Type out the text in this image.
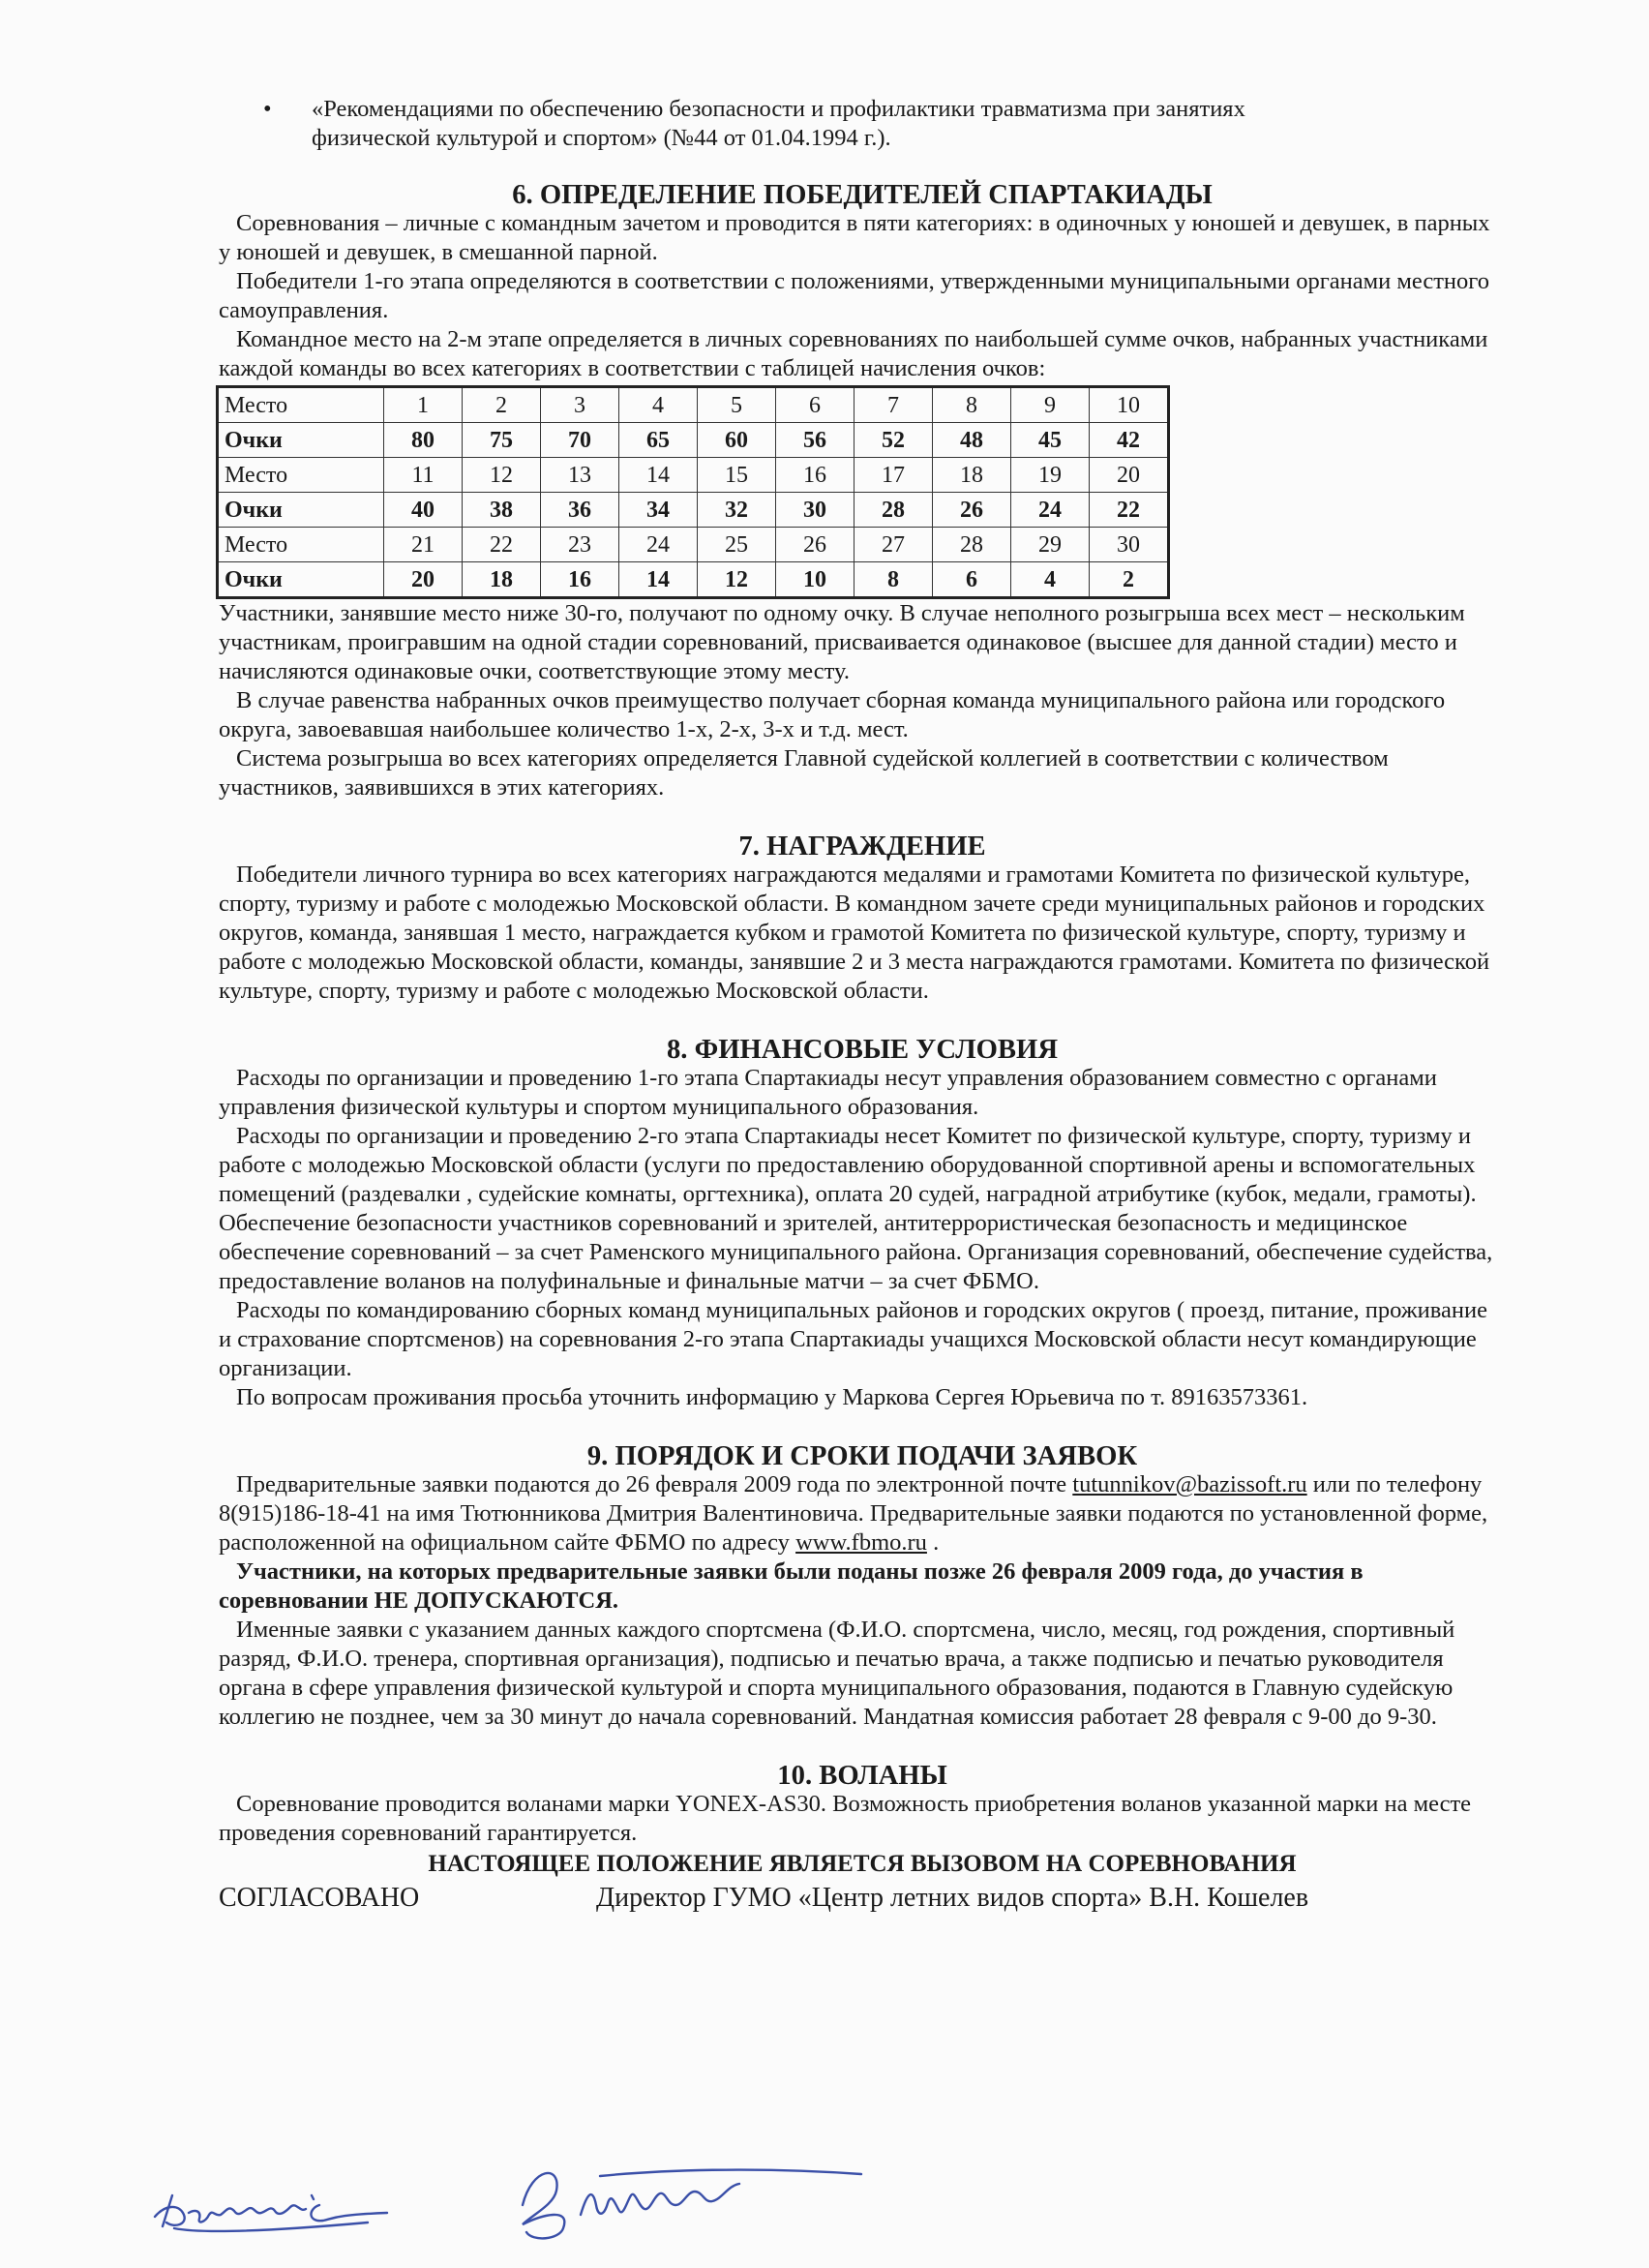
• «Рекомендациями по обеспечению безопасности и профилактики травматизма при занятиях
физической культурой и спортом» (№44 от 01.04.1994 г.).
6. ОПРЕДЕЛЕНИЕ ПОБЕДИТЕЛЕЙ СПАРТАКИАДЫ

Соревнования – личные с командным зачетом и проводится в пяти категориях: в одиночных у юношей и девушек, в парных у юношей и девушек, в смешанной парной.

Победители 1-го этапа определяются в соответствии с положениями, утвержденными муниципальными органами местного самоуправления.

Командное место на 2-м этапе определяется в личных соревнованиях по наибольшей сумме очков, набранных участниками каждой команды во всех категориях в соответствии с таблицей начисления очков:

Место	1	2	3	4	5	6	7	8	9	10
Очки	80	75	70	65	60	56	52	48	45	42
Место	11	12	13	14	15	16	17	18	19	20
Очки	40	38	36	34	32	30	28	26	24	22
Место	21	22	23	24	25	26	27	28	29	30
Очки	20	18	16	14	12	10	8	6	4	2

Участники, занявшие место ниже 30-го, получают по одному очку. В случае неполного розыгрыша всех мест – нескольким участникам, проигравшим на одной стадии соревнований, присваивается одинаковое (высшее для данной стадии) место и начисляются одинаковые очки, соответствующие этому месту.

В случае равенства набранных очков преимущество получает сборная команда муниципального района или городского округа, завоевавшая наибольшее количество 1-х, 2-х, 3-х и т.д. мест.

Система розыгрыша во всех категориях определяется Главной судейской коллегией в соответствии с количеством участников, заявившихся в этих категориях.

7. НАГРАЖДЕНИЕ

Победители личного турнира во всех категориях награждаются медалями и грамотами Комитета по физической культуре, спорту, туризму и работе с молодежью Московской области. В командном зачете среди муниципальных районов и городских округов, команда, занявшая 1 место, награждается кубком и грамотой Комитета по физической культуре, спорту, туризму и работе с молодежью Московской области, команды, занявшие 2 и 3 места награждаются грамотами. Комитета по физической культуре, спорту, туризму и работе с молодежью Московской области.

8. ФИНАНСОВЫЕ УСЛОВИЯ

Расходы по организации и проведению 1-го этапа Спартакиады несут управления образованием совместно с органами управления физической культуры и спортом муниципального образования.

Расходы по организации и проведению 2-го этапа Спартакиады несет Комитет по физической культуре, спорту, туризму и работе с молодежью Московской области (услуги по предоставлению оборудованной спортивной арены и вспомогательных помещений (раздевалки , судейские комнаты, оргтехника), оплата 20 судей, наградной атрибутике (кубок, медали, грамоты). Обеспечение безопасности участников соревнований и зрителей, антитеррористическая безопасность и медицинское обеспечение соревнований – за счет Раменского муниципального района. Организация соревнований, обеспечение судейства, предоставление воланов на полуфинальные и финальные матчи – за счет ФБМО.

Расходы по командированию сборных команд муниципальных районов и городских округов ( проезд, питание, проживание и страхование спортсменов) на соревнования 2-го этапа Спартакиады учащихся Московской области несут командирующие организации.

По вопросам проживания просьба уточнить информацию у Маркова Сергея Юрьевича по т. 89163573361.

9. ПОРЯДОК И СРОКИ ПОДАЧИ ЗАЯВОК

Предварительные заявки подаются до 26 февраля 2009 года по электронной почте tutunnikov@bazissoft.ru или по телефону 8(915)186-18-41 на имя Тютюнникова Дмитрия Валентиновича. Предварительные заявки подаются по установленной форме, расположенной на официальном сайте ФБМО по адресу www.fbmo.ru .

Участники, на которых предварительные заявки были поданы позже 26 февраля 2009 года, до участия в соревновании НЕ ДОПУСКАЮТСЯ.

Именные заявки с указанием данных каждого спортсмена (Ф.И.О. спортсмена, число, месяц, год рождения, спортивный разряд, Ф.И.О. тренера, спортивная организация), подписью и печатью врача, а также подписью и печатью руководителя органа в сфере управления физической культурой и спорта муниципального образования, подаются в Главную судейскую коллегию не позднее, чем за 30 минут до начала соревнований. Мандатная комиссия работает 28 февраля с 9-00 до 9-30.

10. ВОЛАНЫ

Соревнование проводится воланами марки YONEX-AS30. Возможность приобретения воланов указанной марки на месте проведения соревнований гарантируется.

НАСТОЯЩЕЕ ПОЛОЖЕНИЕ ЯВЛЯЕТСЯ ВЫЗОВОМ НА СОРЕВНОВАНИЯ
СОГЛАСОВАНО	Директор ГУМО «Центр летних видов спорта» В.Н. Кошелев
